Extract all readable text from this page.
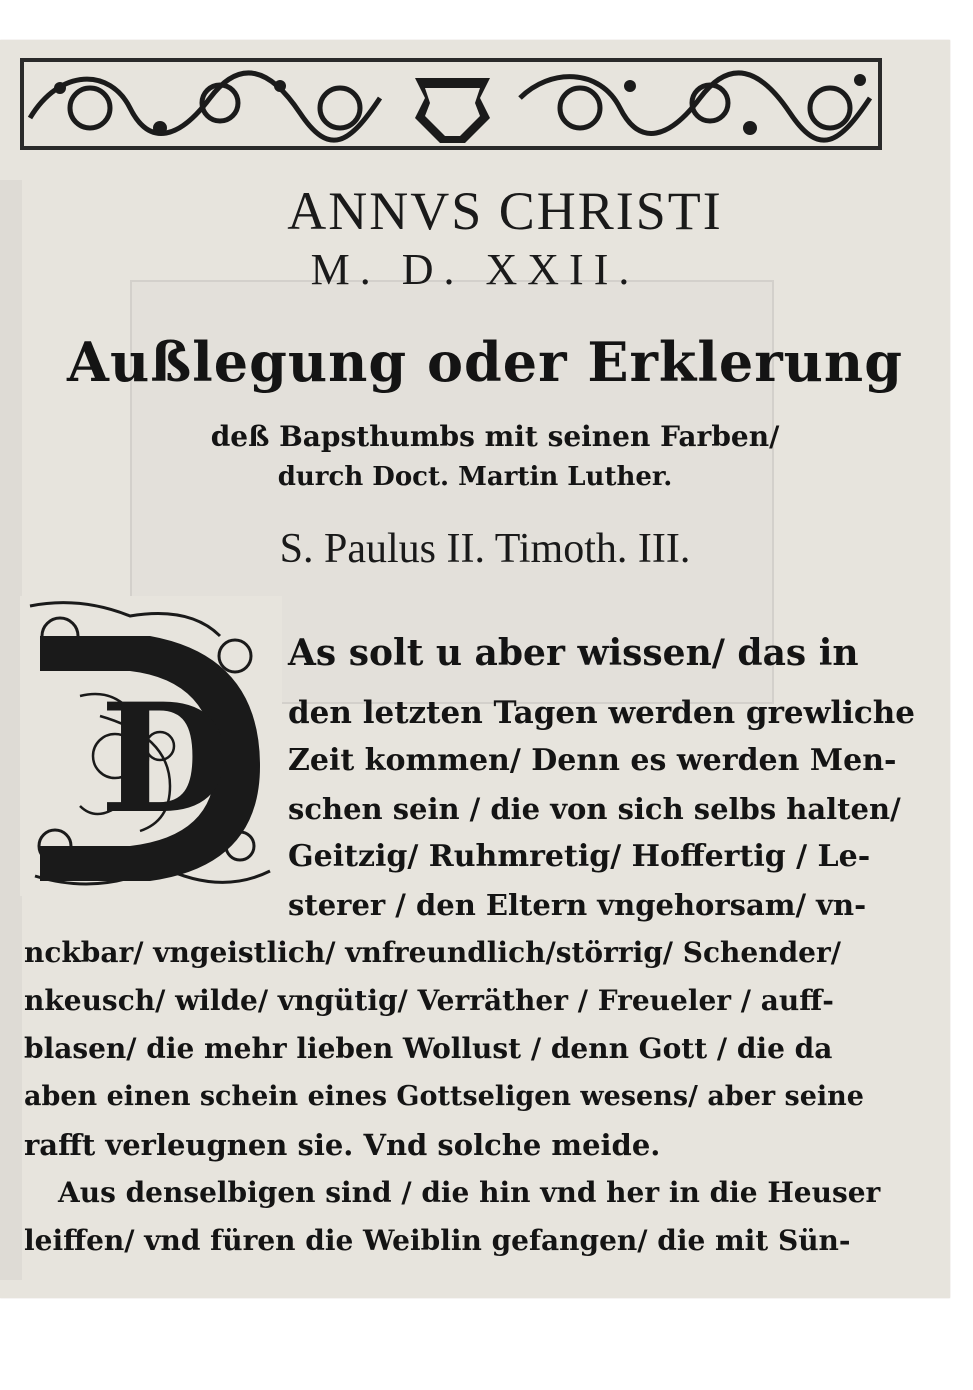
ANNVS CHRISTI
M. D. XXII.
Außlegung oder Erklerung
deß Bapsthumbs mit seinen Farben/
durch Doct. Martin Luther.
S. Paulus II. Timoth. III.
D
As solt u aber wissen/ das in
den letzten Tagen werden grewliche
Zeit kommen/ Denn es werden Men-
schen sein / die von sich selbs halten/
Geitzig/ Ruhmretig/ Hoffertig / Le-
sterer / den Eltern vngehorsam/ vn-
nckbar/ vngeistlich/ vnfreundlich/störrig/ Schender/
nkeusch/ wilde/ vngütig/ Verräther / Freueler / auff-
blasen/ die mehr lieben Wollust / denn Gott / die da
aben einen schein eines Gottseligen wesens/ aber seine
rafft verleugnen sie. Vnd solche meide.
Aus denselbigen sind / die hin vnd her in die Heuser
leiffen/ vnd füren die Weiblin gefangen/ die mit Sün-
